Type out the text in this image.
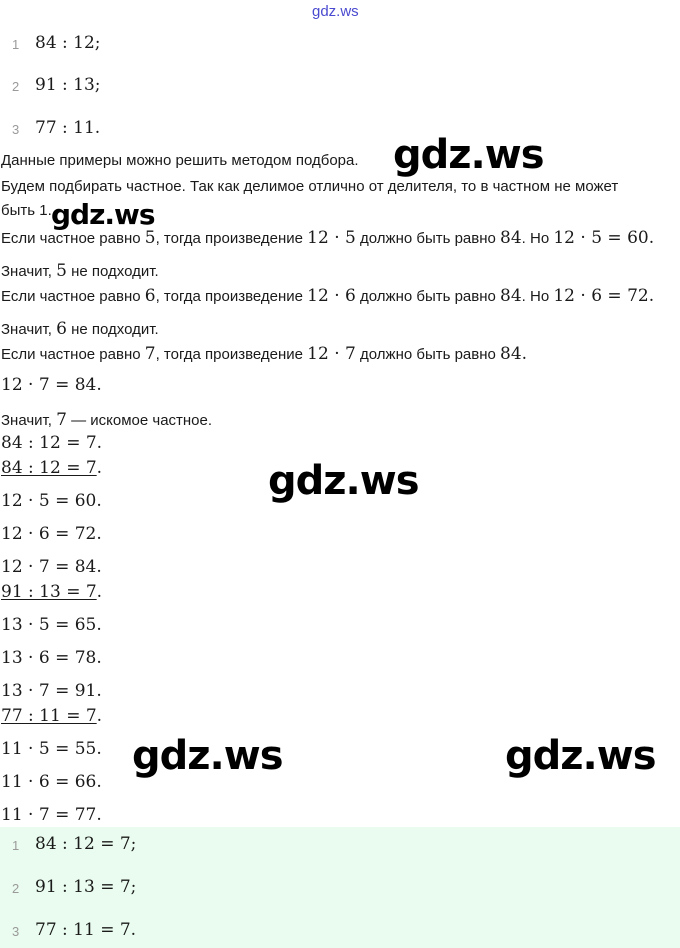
gdz.ws
1 84 : 12;
2 91 : 13;
3 77 : 11.
Данные примеры можно решить методом подбора.
Будем подбирать частное. Так как делимое отлично от делителя, то в частном не может
быть 1.
Если частное равно 5, тогда произведение 12 · 5 должно быть равно 84. Но 12 · 5 = 60.
Значит, 5 не подходит.
Если частное равно 6, тогда произведение 12 · 6 должно быть равно 84. Но 12 · 6 = 72.
Значит, 6 не подходит.
Если частное равно 7, тогда произведение 12 · 7 должно быть равно 84.
12 · 7 = 84.
Значит, 7 — искомое частное.
84 : 12 = 7.
84 : 12 = 7.
12 · 5 = 60.
12 · 6 = 72.
12 · 7 = 84.
91 : 13 = 7.
13 · 5 = 65.
13 · 6 = 78.
13 · 7 = 91.
77 : 11 = 7.
11 · 5 = 55.
11 · 6 = 66.
11 · 7 = 77.
1 84 : 12 = 7;
2 91 : 13 = 7;
3 77 : 11 = 7.
gdz.ws
gdz.ws
gdz.ws
gdz.ws	gdz.ws
